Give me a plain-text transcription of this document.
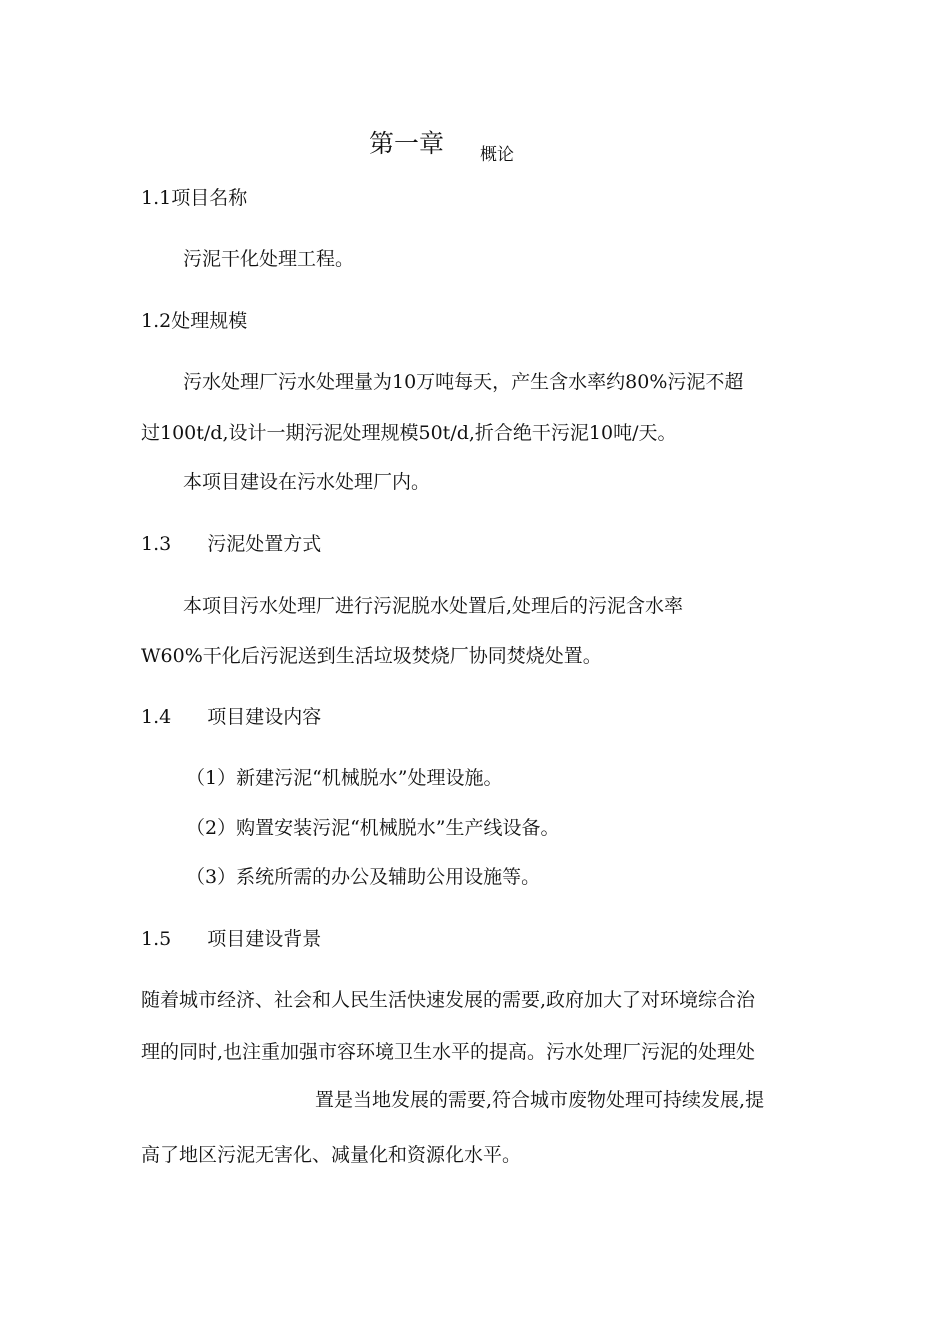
第一章 概论
1.1项目名称
污泥干化处理工程。
1.2处理规模
污水处理厂污水处理量为10万吨每天，产生含水率约80%污泥不超
过100t/d,设计一期污泥处理规模50t/d,折合绝干污泥10吨/天。
本项目建设在污水处理厂内。
1.3 污泥处置方式
本项目污水处理厂进行污泥脱水处置后,处理后的污泥含水率
W60%干化后污泥送到生活垃圾焚烧厂协同焚烧处置。
1.4 项目建设内容
（1）新建污泥“机械脱水”处理设施。
（2）购置安装污泥“机械脱水”生产线设备。
（3）系统所需的办公及辅助公用设施等。
1.5 项目建设背景
随着城市经济、社会和人民生活快速发展的需要,政府加大了对环境综合治
理的同时,也注重加强市容环境卫生水平的提高。污水处理厂污泥的处理处
置是当地发展的需要,符合城市废物处理可持续发展,提
高了地区污泥无害化、减量化和资源化水平。
